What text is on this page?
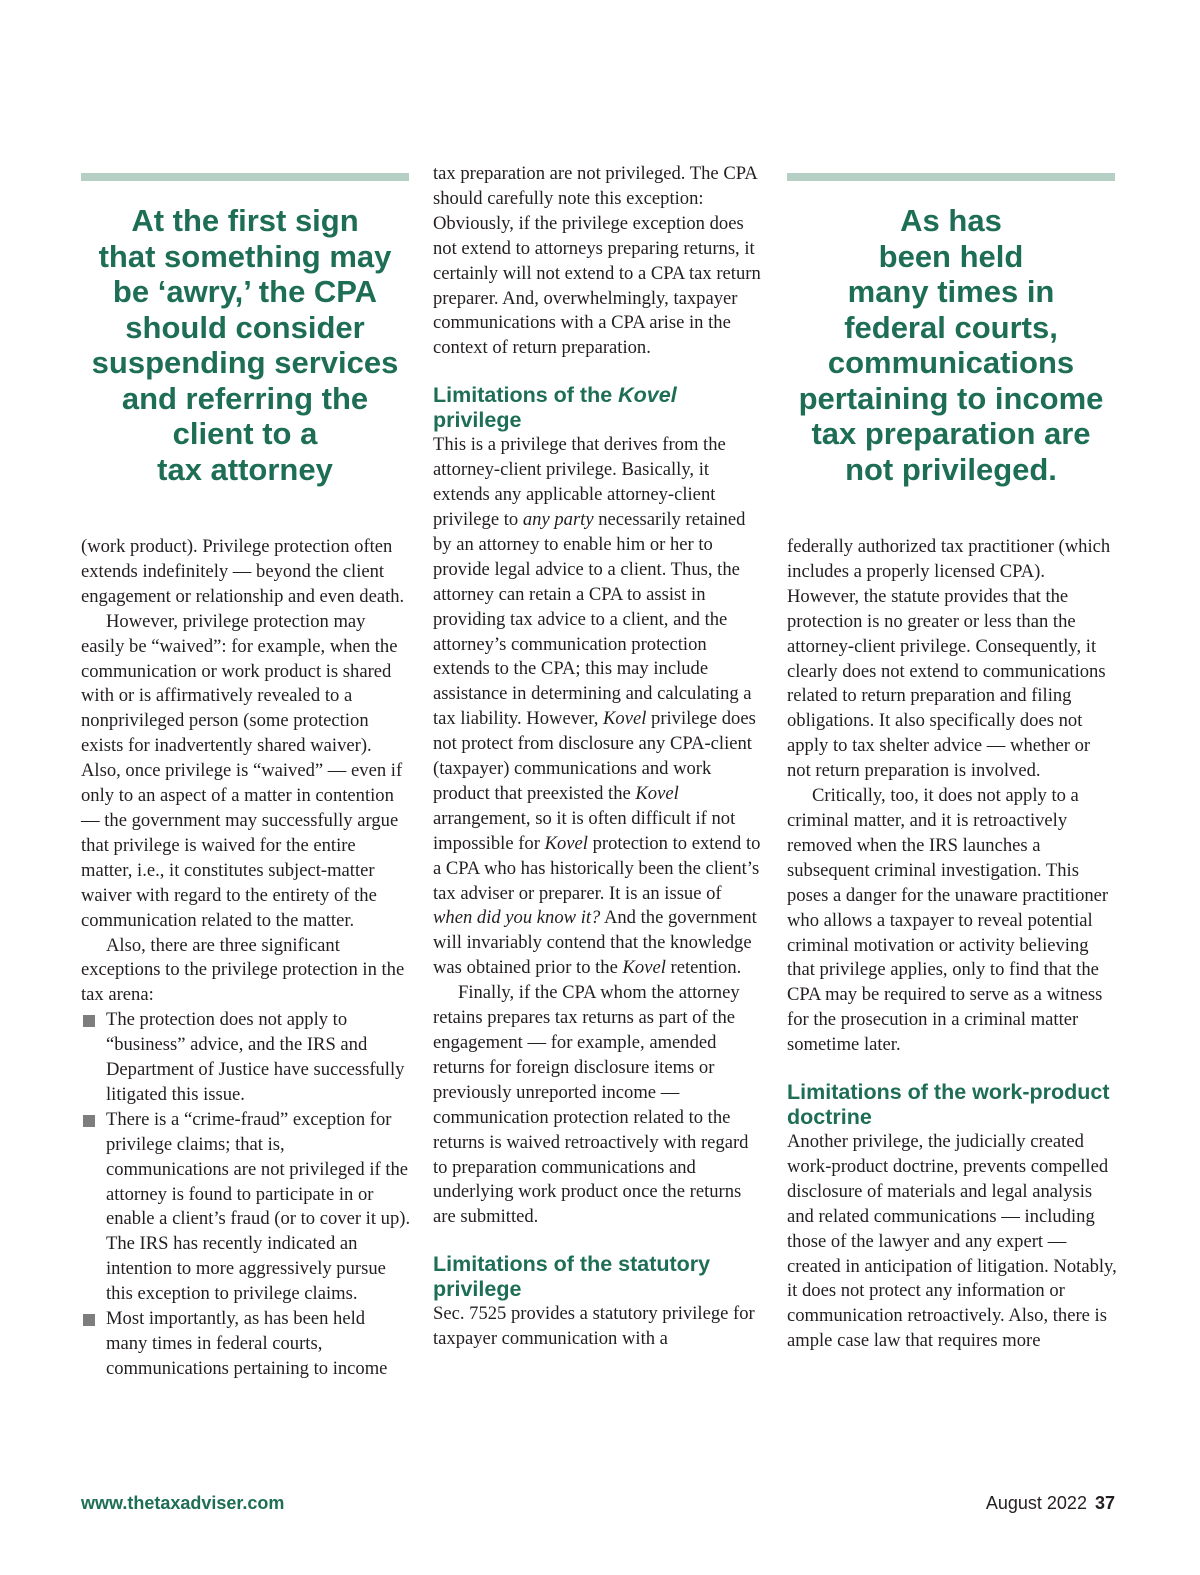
At the first sign
that something may
be ‘awry,’ the CPA
should consider
suspending services
and referring the
client to a
tax attorney
As has
been held
many times in
federal courts,
communications
pertaining to income
tax preparation are
not privileged.

(work product). Privilege protection often extends indefinitely — beyond the client engagement or relationship and even death.

However, privilege protection may easily be “waived”: for example, when the communication or work product is shared with or is affirmatively revealed to a nonprivileged person (some protection exists for inadvertently shared waiver). Also, once privilege is “waived” — even if only to an aspect of a matter in contention — the government may successfully argue that privilege is waived for the entire matter, i.e., it constitutes subject-matter waiver with regard to the entirety of the communication related to the matter.

Also, there are three significant exceptions to the privilege protection in the tax arena:

The protection does not apply to “business” advice, and the IRS and Department of Justice have successfully litigated this issue.
There is a “crime-fraud” exception for privilege claims; that is, communications are not privileged if the attorney is found to participate in or enable a client’s fraud (or to cover it up). The IRS has recently indicated an intention to more aggressively pursue this exception to privilege claims.
Most importantly, as has been held many times in federal courts, communications pertaining to income

tax preparation are not privileged. The CPA should carefully note this exception: Obviously, if the privilege exception does not extend to attorneys preparing returns, it certainly will not extend to a CPA tax return preparer. And, overwhelmingly, taxpayer communications with a CPA arise in the context of return preparation.

Limitations of the Kovel privilege

This is a privilege that derives from the attorney-client privilege. Basically, it extends any applicable attorney-client privilege to any party necessarily retained by an attorney to enable him or her to provide legal advice to a client. Thus, the attorney can retain a CPA to assist in providing tax advice to a client, and the attorney’s communication protection extends to the CPA; this may include assistance in determining and calculating a tax liability. However, Kovel privilege does not protect from disclosure any CPA-client (taxpayer) communications and work product that preexisted the Kovel arrangement, so it is often difficult if not impossible for Kovel protection to extend to a CPA who has historically been the client’s tax adviser or preparer. It is an issue of when did you know it? And the government will invariably contend that the knowledge was obtained prior to the Kovel retention.

Finally, if the CPA whom the attorney retains prepares tax returns as part of the engagement — for example, amended returns for foreign disclosure items or previously unreported income — communication protection related to the returns is waived retroactively with regard to preparation communications and underlying work product once the returns are submitted.

Limitations of the statutory privilege

Sec. 7525 provides a statutory privilege for taxpayer communication with a

federally authorized tax practitioner (which includes a properly licensed CPA). However, the statute provides that the protection is no greater or less than the attorney-client privilege. Consequently, it clearly does not extend to communications related to return preparation and filing obligations. It also specifically does not apply to tax shelter advice — whether or not return preparation is involved.

Critically, too, it does not apply to a criminal matter, and it is retroactively removed when the IRS launches a subsequent criminal investigation. This poses a danger for the unaware practitioner who allows a taxpayer to reveal potential criminal motivation or activity believing that privilege applies, only to find that the CPA may be required to serve as a witness for the prosecution in a criminal matter sometime later.

Limitations of the work-product doctrine

Another privilege, the judicially created work-product doctrine, prevents compelled disclosure of materials and legal analysis and related communications — including those of the lawyer and any expert — created in anticipation of litigation. Notably, it does not protect any information or communication retroactively. Also, there is ample case law that requires more

www.thetaxadviser.com	August 2022 37
